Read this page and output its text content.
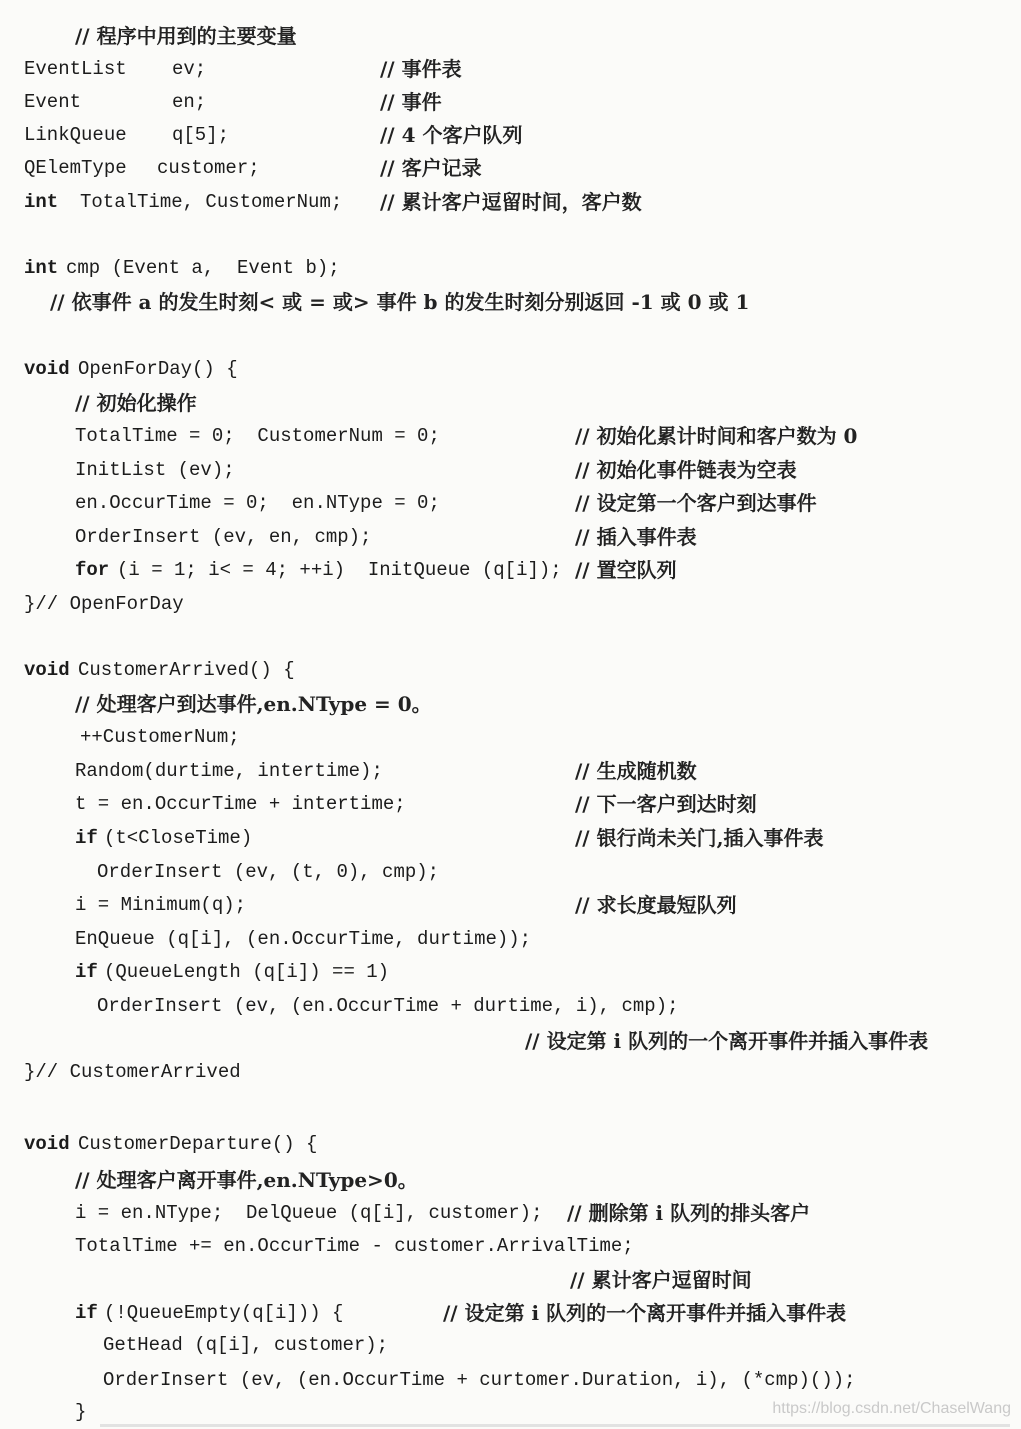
// 程序中用到的主要变量
EventList ev;	// 事件表
Event	en;	// 事件
LinkQueue q[5];	// 4 个客户队列
QElemType customer;	// 客户记录
int TotalTime, CustomerNum; // 累计客户逗留时间，客户数
int cmp (Event a,  Event b);
// 依事件 a 的发生时刻< 或 = 或> 事件 b 的发生时刻分别返回 -1 或 0 或 1
void OpenForDay() {
// 初始化操作
TotalTime = 0;  CustomerNum = 0;	// 初始化累计时间和客户数为 0
InitList (ev);	// 初始化事件链表为空表
en.OccurTime = 0;  en.NType = 0;	// 设定第一个客户到达事件
OrderInsert (ev, en, cmp);	// 插入事件表
for (i = 1; i< = 4; ++i)  InitQueue (q[i]); // 置空队列
}// OpenForDay
void CustomerArrived() {
// 处理客户到达事件,en.NType = 0。
++CustomerNum;
Random(durtime, intertime);	// 生成随机数
t = en.OccurTime + intertime;	// 下一客户到达时刻
if (t<CloseTime)	// 银行尚未关门,插入事件表
OrderInsert (ev, (t, 0), cmp);
i = Minimum(q);	// 求长度最短队列
EnQueue (q[i], (en.OccurTime, durtime));
if (QueueLength (q[i]) == 1)
OrderInsert (ev, (en.OccurTime + durtime, i), cmp);
// 设定第 i 队列的一个离开事件并插入事件表
}// CustomerArrived
void CustomerDeparture() {
// 处理客户离开事件,en.NType>0。
i = en.NType;  DelQueue (q[i], customer); // 删除第 i 队列的排头客户
TotalTime += en.OccurTime - customer.ArrivalTime;
// 累计客户逗留时间
if (!QueueEmpty(q[i])) {	// 设定第 i 队列的一个离开事件并插入事件表
GetHead (q[i], customer);
OrderInsert (ev, (en.OccurTime + curtomer.Duration, i), (*cmp)());
}	https://blog.csdn.net/ChaselWang
